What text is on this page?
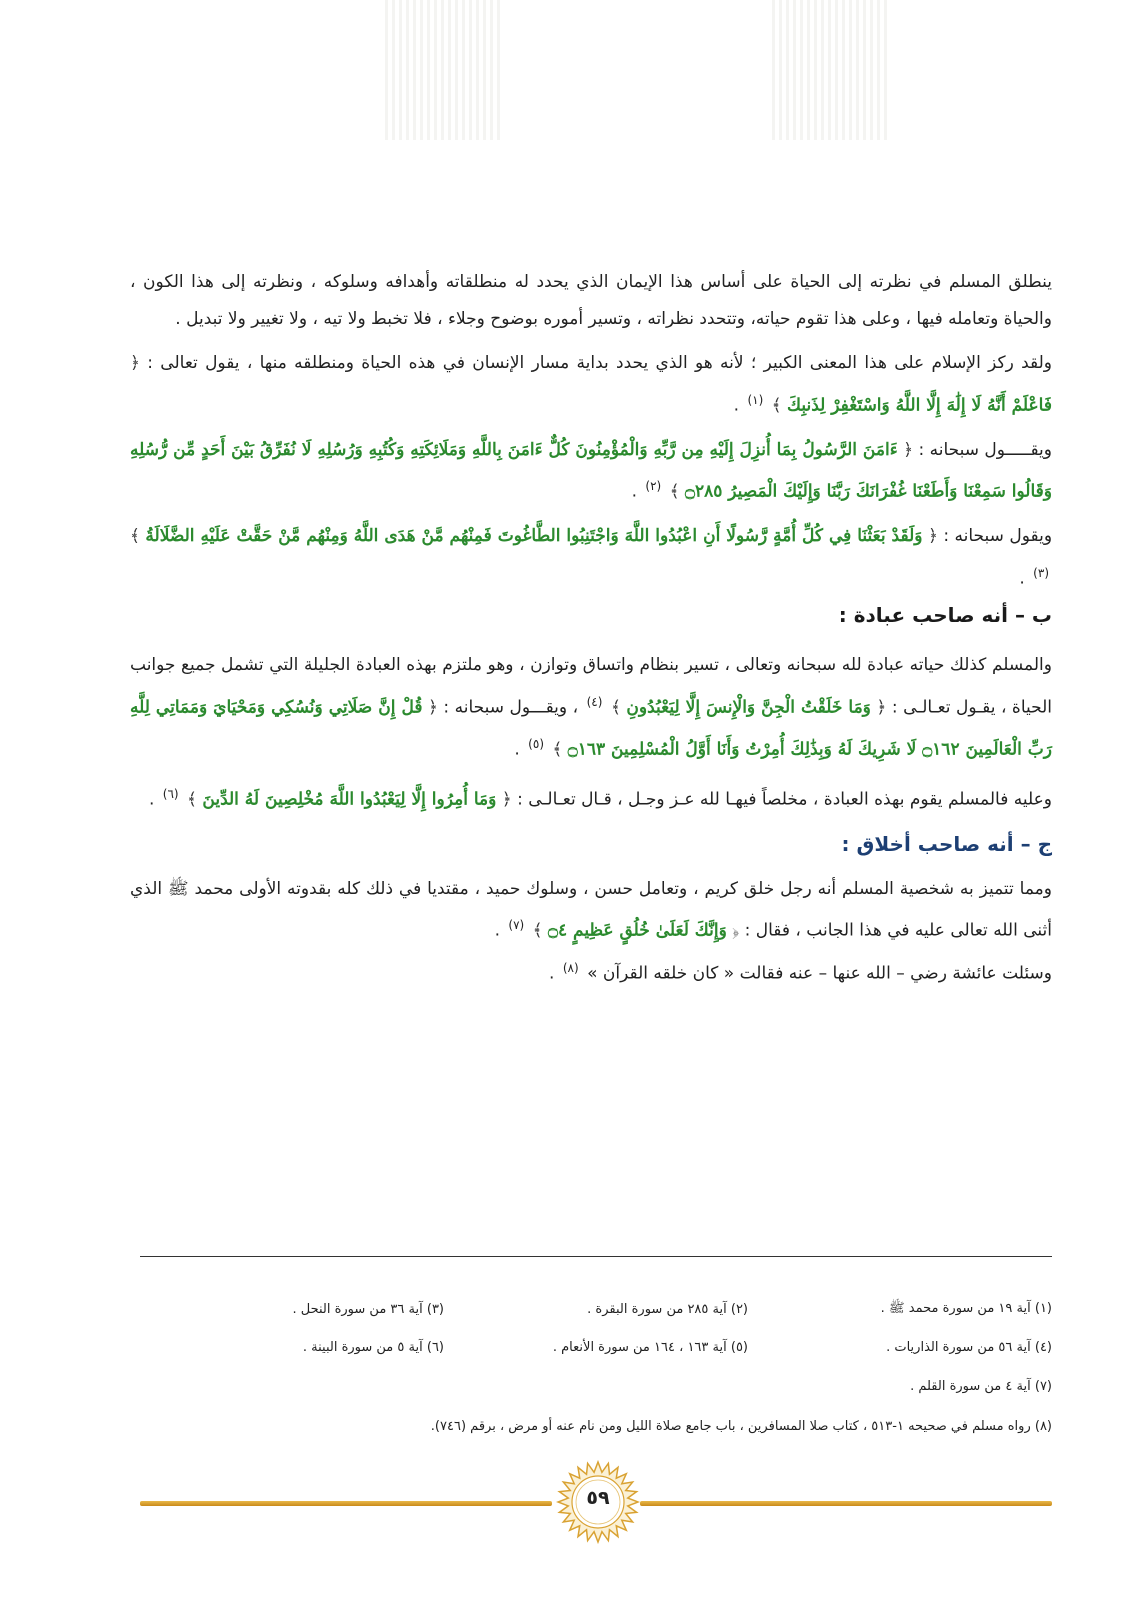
ينطلق المسلم في نظرته إلى الحياة على أساس هذا الإيمان الذي يحدد له منطلقاته وأهدافه وسلوكه ، ونظرته إلى هذا الكون ، والحياة وتعامله فيها ، وعلى هذا تقوم حياته، وتتحدد نظراته ، وتسير أموره بوضوح وجلاء ، فلا تخبط ولا تيه ، ولا تغيير ولا تبديل .

ولقد ركز الإسلام على هذا المعنى الكبير ؛ لأنه هو الذي يحدد بداية مسار الإنسان في هذه الحياة ومنطلقه منها ، يقول تعالى : ﴿ فَاعْلَمْ أَنَّهُ لَا إِلَٰهَ إِلَّا اللَّهُ وَاسْتَغْفِرْ لِذَنبِكَ ﴾ $^{(١)}$ .

ويقـــــول سبحانه : ﴿ ءَامَنَ الرَّسُولُ بِمَا أُنزِلَ إِلَيْهِ مِن رَّبِّهِ وَالْمُؤْمِنُونَ كُلٌّ ءَامَنَ بِاللَّهِ وَمَلَائِكَتِهِ وَكُتُبِهِ وَرُسُلِهِ لَا نُفَرِّقُ بَيْنَ أَحَدٍ مِّن رُّسُلِهِ وَقَالُوا سَمِعْنَا وَأَطَعْنَا غُفْرَانَكَ رَبَّنَا وَإِلَيْكَ الْمَصِيرُ ۝٢٨٥ ﴾ $^{(٢)}$ .

ويقول سبحانه : ﴿ وَلَقَدْ بَعَثْنَا فِي كُلِّ أُمَّةٍ رَّسُولًا أَنِ اعْبُدُوا اللَّهَ وَاجْتَنِبُوا الطَّاغُوتَ فَمِنْهُم مَّنْ هَدَى اللَّهُ وَمِنْهُم مَّنْ حَقَّتْ عَلَيْهِ الضَّلَالَةُ ﴾ $^{(٣)}$ .

ب – أنه صاحب عبادة :

والمسلم كذلك حياته عبادة لله سبحانه وتعالى ، تسير بنظام واتساق وتوازن ، وهو ملتزم بهذه العبادة الجليلة التي تشمل جميع جوانب الحياة ، يقـول تعـالـى : ﴿ وَمَا خَلَقْتُ الْجِنَّ وَالْإِنسَ إِلَّا لِيَعْبُدُونِ ﴾ $^{(٤)}$ ، ويقـــول سبحانه : ﴿ قُلْ إِنَّ صَلَاتِي وَنُسُكِي وَمَحْيَايَ وَمَمَاتِي لِلَّهِ رَبِّ الْعَالَمِينَ ۝١٦٢ لَا شَرِيكَ لَهُ وَبِذَٰلِكَ أُمِرْتُ وَأَنَا أَوَّلُ الْمُسْلِمِينَ ۝١٦٣ ﴾ $^{(٥)}$ .

وعليه فالمسلم يقوم بهذه العبادة ، مخلصاً فيهـا لله عـز وجـل ، قـال تعـالـى : ﴿ وَمَا أُمِرُوا إِلَّا لِيَعْبُدُوا اللَّهَ مُخْلِصِينَ لَهُ الدِّينَ ﴾ $^{(٦)}$ .

ج – أنه صاحب أخلاق :

ومما تتميز به شخصية المسلم أنه رجل خلق كريم ، وتعامل حسن ، وسلوك حميد ، مقتديا في ذلك كله بقدوته الأولى محمد ﷺ الذي أثنى الله تعالى عليه في هذا الجانب ، فقال : ﴿ وَإِنَّكَ لَعَلَىٰ خُلُقٍ عَظِيمٍ ۝٤ ﴾ $^{(٧)}$ .

وسئلت عائشة رضي – الله عنها – عنه فقالت « كان خلقه القرآن » $^{(٨)}$ .

(١) آية ١٩ من سورة محمد ﷺ .
(٢) آية ٢٨٥ من سورة البقرة .
(٣) آية ٣٦ من سورة النحل .
(٤) آية ٥٦ من سورة الذاريات .
(٥) آية ١٦٣ ، ١٦٤ من سورة الأنعام .
(٦) آية ٥ من سورة البينة .
(٧) آية ٤ من سورة القلم .
(٨) رواه مسلم في صحيحه ١-٥١٣ ، كتاب صلا المسافرين ، باب جامع صلاة الليل ومن نام عنه أو مرض ، برقم (٧٤٦).
٥٩
